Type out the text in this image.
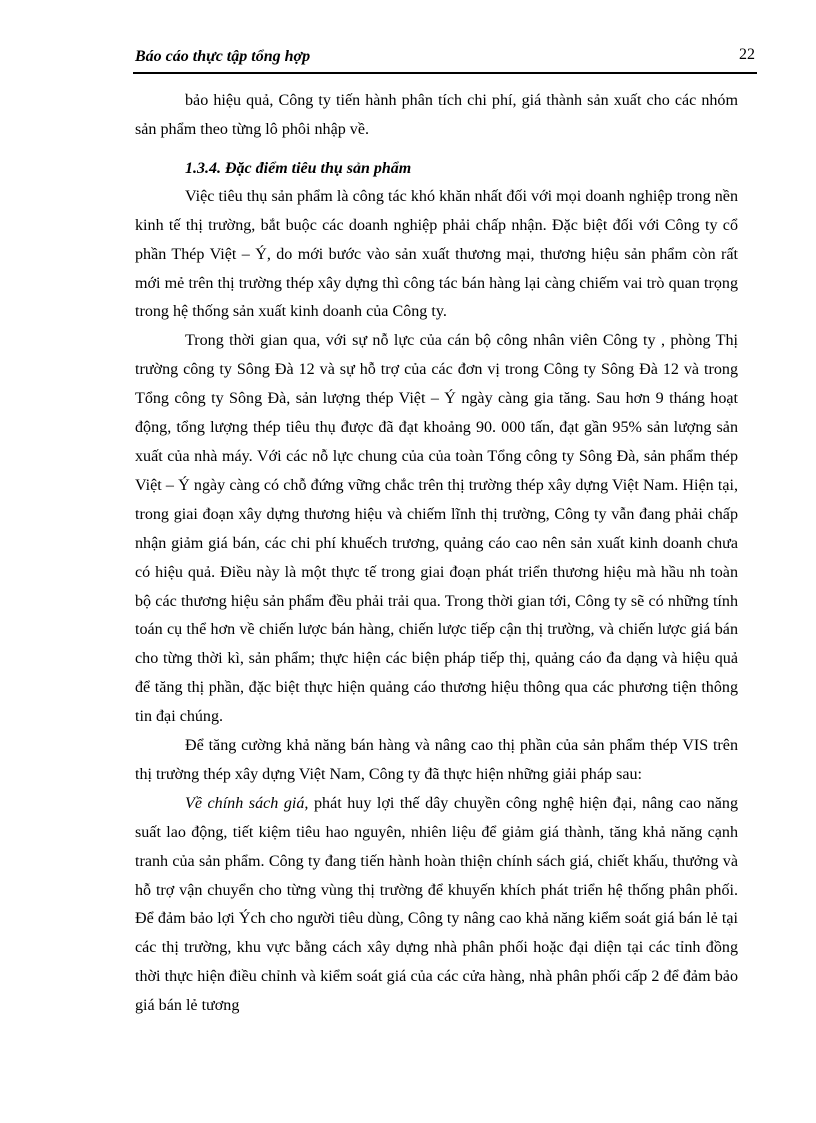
Báo cáo thực tập tổng hợp	22

bảo hiệu quả, Công ty tiến hành phân tích chi phí, giá thành sản xuất cho các nhóm sản phẩm theo từng lô phôi nhập về.

1.3.4. Đặc điểm tiêu thụ sản phẩm

Việc tiêu thụ sản phẩm là công tác khó khăn nhất đối với mọi doanh nghiệp trong nền kinh tế thị trường, bắt buộc các doanh nghiệp phải chấp nhận. Đặc biệt đối với Công ty cổ phần Thép Việt – Ý, do mới bước vào sản xuất thương mại, thương hiệu sản phẩm còn rất mới mẻ trên thị trường thép xây dựng thì công tác bán hàng lại càng chiếm vai trò quan trọng trong hệ thống sản xuất kinh doanh của Công ty.

Trong thời gian qua, với sự nỗ lực của cán bộ công nhân viên Công ty , phòng Thị trường công ty Sông Đà 12 và sự hỗ trợ của các đơn vị trong Công ty Sông Đà 12 và trong Tổng công ty Sông Đà, sản lượng thép Việt – Ý ngày càng gia tăng. Sau hơn 9 tháng hoạt động, tổng lượng thép tiêu thụ được đã đạt khoảng 90. 000 tấn, đạt gần 95% sản lượng sản xuất của nhà máy. Với các nỗ lực chung của của toàn Tổng công ty Sông Đà, sản phẩm thép Việt – Ý ngày càng có chỗ đứng vững chắc trên thị trường thép xây dựng Việt Nam. Hiện tại, trong giai đoạn xây dựng thương hiệu và chiếm lĩnh thị trường, Công ty vẫn đang phải chấp nhận giảm giá bán, các chi phí khuếch trương, quảng cáo cao nên sản xuất kinh doanh chưa có hiệu quả. Điều này là một thực tế trong giai đoạn phát triển thương hiệu mà hầu nh toàn bộ các thương hiệu sản phẩm đều phải trải qua. Trong thời gian tới, Công ty sẽ có những tính toán cụ thể hơn về chiến lược bán hàng, chiến lược tiếp cận thị trường, và chiến lược giá bán cho từng thời kì, sản phẩm; thực hiện các biện pháp tiếp thị, quảng cáo đa dạng và hiệu quả để tăng thị phần, đặc biệt thực hiện quảng cáo thương hiệu thông qua các phương tiện thông tin đại chúng.

Để tăng cường khả năng bán hàng và nâng cao thị phần của sản phẩm thép VIS trên thị trường thép xây dựng Việt Nam, Công ty đã thực hiện những giải pháp sau:

Về chính sách giá, phát huy lợi thế dây chuyền công nghệ hiện đại, nâng cao năng suất lao động, tiết kiệm tiêu hao nguyên, nhiên liệu để giảm giá thành, tăng khả năng cạnh tranh của sản phẩm. Công ty đang tiến hành hoàn thiện chính sách giá, chiết khấu, thưởng và hỗ trợ vận chuyển cho từng vùng thị trường để khuyến khích phát triển hệ thống phân phối. Để đảm bảo lợi Ých cho người tiêu dùng, Công ty nâng cao khả năng kiểm soát giá bán lẻ tại các thị trường, khu vực bằng cách xây dựng nhà phân phối hoặc đại diện tại các tỉnh đồng thời thực hiện điều chỉnh và kiểm soát giá của các cửa hàng, nhà phân phối cấp 2 để đảm bảo giá bán lẻ tương
